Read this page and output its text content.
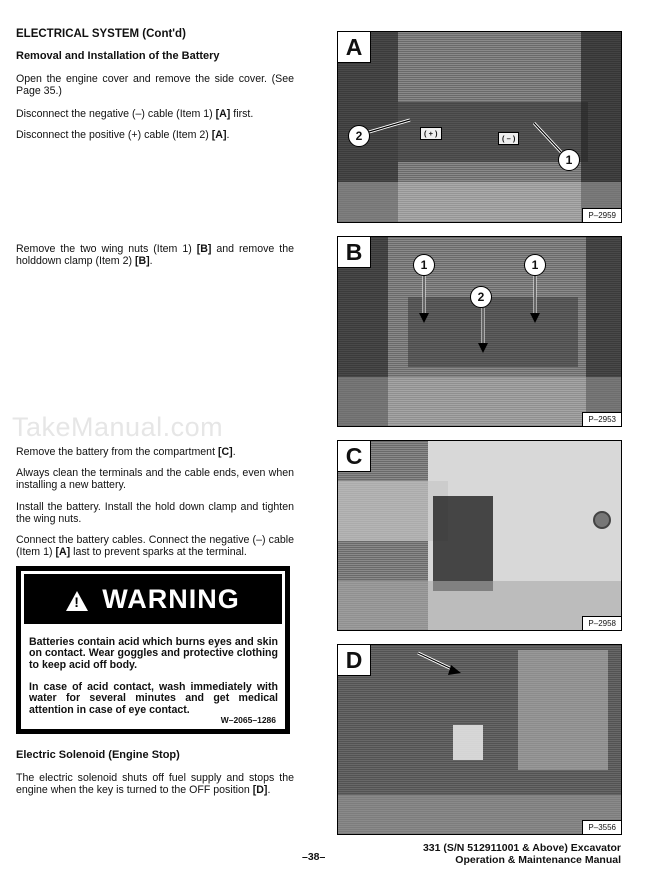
ELECTRICAL SYSTEM (Cont'd)
Removal and Installation of the Battery
Open the engine cover and remove the side cover. (See Page 35.)
Disconnect the negative (–) cable (Item 1) [A] first.
Disconnect the positive (+) cable (Item 2) [A].
Remove the two wing nuts (Item 1) [B] and remove the holddown clamp (Item 2) [B].
TakeManual.com
Remove the battery from the compartment [C].
Always clean the terminals and the cable ends, even when installing a new battery.
Install the battery. Install the hold down clamp and tighten the wing nuts.
Connect the battery cables. Connect the negative (–) cable (Item 1) [A] last to prevent sparks at the terminal.
! WARNING
Batteries contain acid which burns eyes and skin on contact. Wear goggles and protective clothing to keep acid off body.
In case of acid contact, wash immediately with water for several minutes and get medical attention in case of eye contact.
W–2065–1286
Electric Solenoid (Engine Stop)
The electric solenoid shuts off fuel supply and stops the engine when the key is turned to the OFF position [D].
A
( + )
( – )
2
1
P–2959
B	1
2
1
P–2953
C
P–2958
D
P–3556
–38–
331 (S/N 512911001 & Above) Excavator
Operation & Maintenance Manual
